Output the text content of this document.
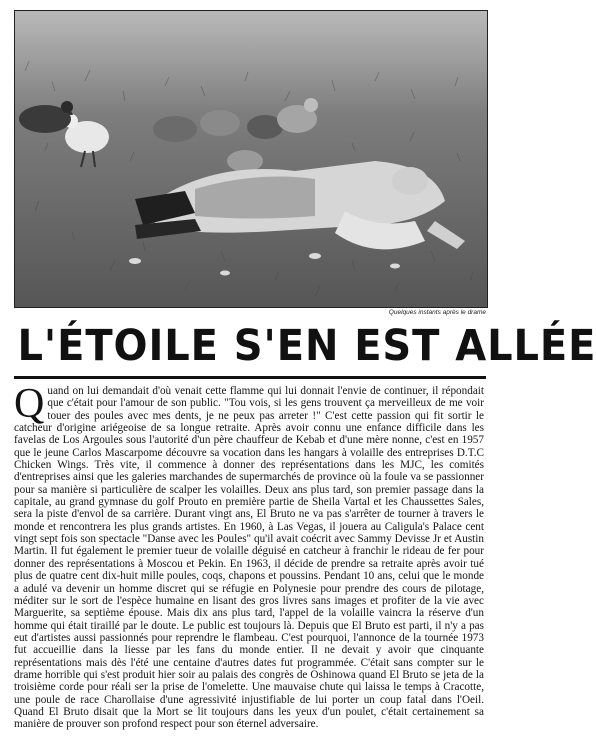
Quelques instants après le drame
L'ÉTOILE S'EN EST ALLÉE

Quand on lui demandait d'où venait cette flamme qui lui donnait l'envie de continuer, il répondait que c'était pour l'amour de son public. "Tou vois, si les gens trouvent ça merveilleux de me voir touer des poules avec mes dents, je ne peux pas arreter !" C'est cette passion qui fit sortir le catcheur d'origine ariégeoise de sa longue retraite. Après avoir connu une enfance difficile dans les favelas de Los Argoules sous l'autorité d'un père chauffeur de Kebab et d'une mère nonne, c'est en 1957 que le jeune Carlos Mascarpome découvre sa vocation dans les hangars à volaille des entreprises D.T.C Chicken Wings. Très vite, il commence à donner des représentations dans les MJC, les comités d'entreprises ainsi que les galeries marchandes de supermarchés de province où la foule va se passionner pour sa manière si particulière de scalper les volailles. Deux ans plus tard, son premier passage dans la capitale, au grand gymnase du golf Prouto en première partie de Sheila Vartal et les Chaussettes Sales, sera la piste d'envol de sa carrière. Durant vingt ans, El Bruto ne va pas s'arrêter de tourner à travers le monde et rencontrera les plus grands artistes. En 1960, à Las Vegas, il jouera au Caligula's Palace cent vingt sept fois son spectacle "Danse avec les Poules" qu'il avait coécrit avec Sammy Devisse Jr et Austin Martin. Il fut également le premier tueur de volaille déguisé en catcheur à franchir le rideau de fer pour donner des représentations à Moscou et Pekin. En 1963, il décide de prendre sa retraite après avoir tué plus de quatre cent dix-huit mille poules, coqs, chapons et poussins. Pendant 10 ans, celui que le monde a adulé va devenir un homme discret qui se réfugie en Polynesie pour prendre des cours de pilotage, méditer sur le sort de l'espèce humaine en lisant des gros livres sans images et profiter de la vie avec Marguerite, sa septième épouse. Mais dix ans plus tard, l'appel de la volaille vaincra la réserve d'un homme qui était tiraillé par le doute. Le public est toujours là. Depuis que El Bruto est parti, il n'y a pas eut d'artistes aussi passionnés pour reprendre le flambeau. C'est pourquoi, l'annonce de la tournée 1973 fut accueillie dans la liesse par les fans du monde entier. Il ne devait y avoir que cinquante représentations mais dès l'été une centaine d'autres dates fut programmée. C'était sans compter sur le drame horrible qui s'est produit hier soir au palais des congrès de Oshinowa quand El Bruto se jeta de la troisième corde pour réali ser la prise de l'omelette. Une mauvaise chute qui laissa le temps à Cracotte, une poule de race Charollaise d'une agressivité injustifiable de lui porter un coup fatal dans l'Oeil. Quand El Bruto disait que la Mort se lit toujours dans les yeux d'un poulet, c'était certainement sa manière de prouver son profond respect pour son éternel adversaire.
